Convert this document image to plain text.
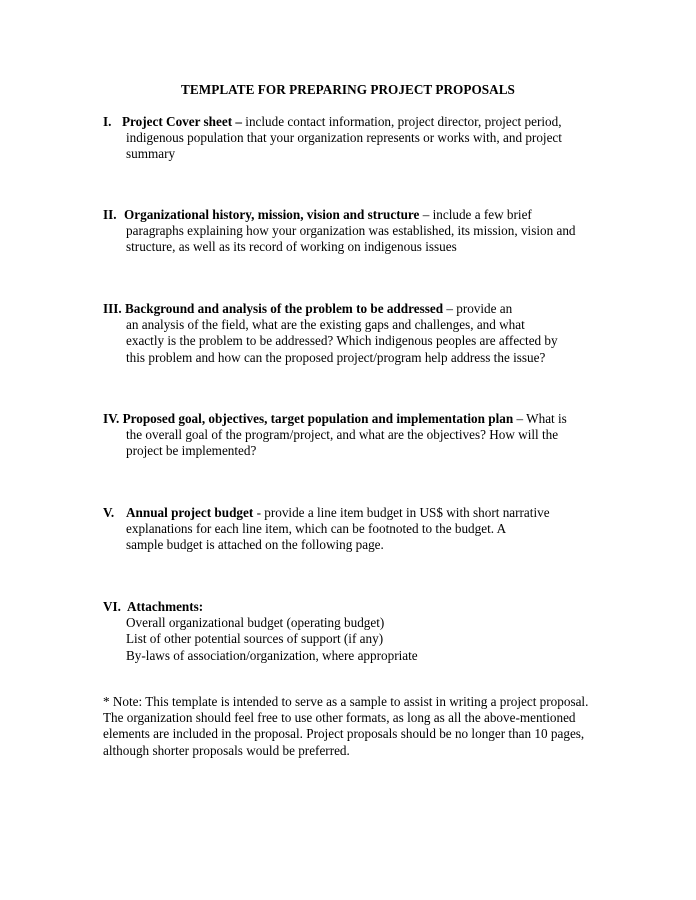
TEMPLATE FOR PREPARING PROJECT PROPOSALS
I. Project Cover sheet – include contact information, project director, project period,
indigenous population that your organization represents or works with, and project
summary
II. Organizational history, mission, vision and structure – include a few brief
paragraphs explaining how your organization was established, its mission, vision and
structure, as well as its record of working on indigenous issues
III. Background and analysis of the problem to be addressed – provide an
an analysis of the field, what are the existing gaps and challenges, and what
exactly is the problem to be addressed? Which indigenous peoples are affected by
this problem and how can the proposed project/program help address the issue?
IV. Proposed goal, objectives, target population and implementation plan – What is
the overall goal of the program/project, and what are the objectives? How will the
project be implemented?
V. Annual project budget - provide a line item budget in US$ with short narrative
explanations for each line item, which can be footnoted to the budget. A
sample budget is attached on the following page.
VI. Attachments:
Overall organizational budget (operating budget)
List of other potential sources of support (if any)
By-laws of association/organization, where appropriate
* Note: This template is intended to serve as a sample to assist in writing a project proposal.
The organization should feel free to use other formats, as long as all the above-mentioned
elements are included in the proposal. Project proposals should be no longer than 10 pages,
although shorter proposals would be preferred.
